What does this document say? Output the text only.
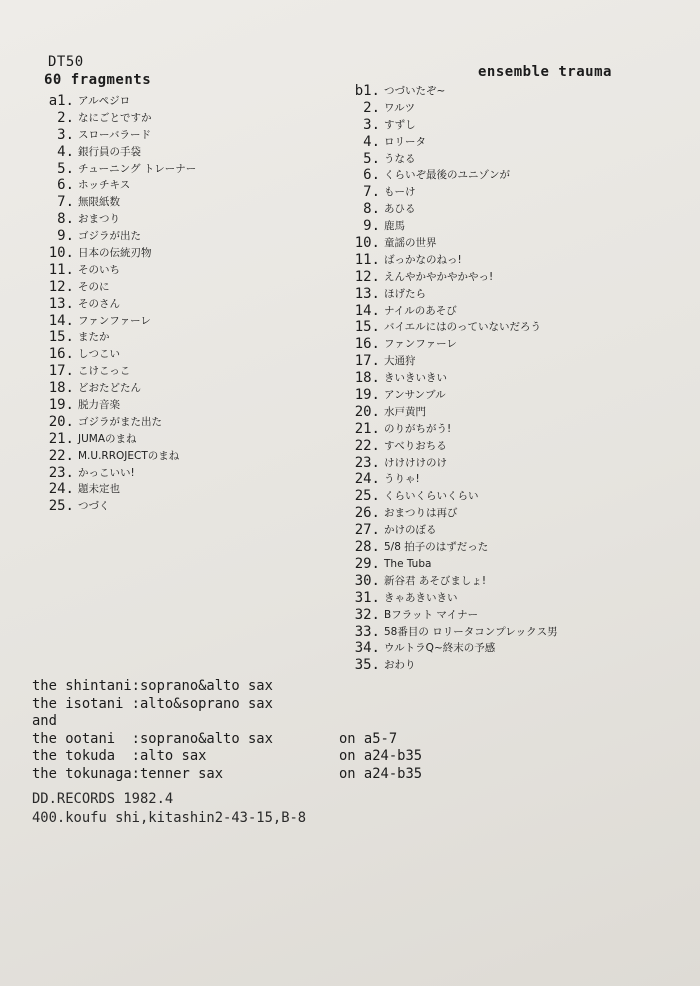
DT50
60 fragments	ensemble trauma
a1. アルペジロ
2. なにごとですか
3. スローバラード
4. 銀行員の手袋
5. チューニング トレーナー
6. ホッチキス
7. 無限紙数
8. おまつり
9. ゴジラが出た
10. 日本の伝統刃物
11. そのいち
12. そのに
13. そのさん
14. ファンファーレ
15. またか
16. しつこい
17. こけこっこ
18. どおたどたん
19. 脱力音楽
20. ゴジラがまた出た
21. JUMAのまね
22. M.U.RROJECTのまね
23. かっこいい!
24. 題未定也
25. つづく
b1. つづいたぞ~
2. ワルツ
3. すずし
4. ロリータ
5. うなる
6. くらいぞ最後のユニゾンが
7. もーけ
8. あひる
9. 鹿馬
10. 童謡の世界
11. ばっかなのねっ!
12. えんやかやかやかやっ!
13. ほげたら
14. ナイルのあそび
15. バイエルにはのっていないだろう
16. ファンファーレ
17. 大通狩
18. きいきいきい
19. アンサンブル
20. 水戸黄門
21. のりがちがう!
22. すべりおちる
23. けけけけのけ
24. うりゃ!
25. くらいくらいくらい
26. おまつりは再び
27. かけのぼる
28. 5/8 拍子のはずだった
29. The Tuba
30. 新谷君 あそびましょ!
31. きゃあきいきい
32. Bフラット マイナー
33. 58番目の ロリータコンプレックス男
34. ウルトラQ~終末の予感
35. おわり
the shintani:soprano&alto sax
the isotani :alto&soprano sax
and
the ootani  :soprano&alto sax	on a5-7
the tokuda  :alto sax	on a24-b35
the tokunaga:tenner sax	on a24-b35
DD.RECORDS 1982.4
400.koufu shi,kitashin2-43-15,B-8
